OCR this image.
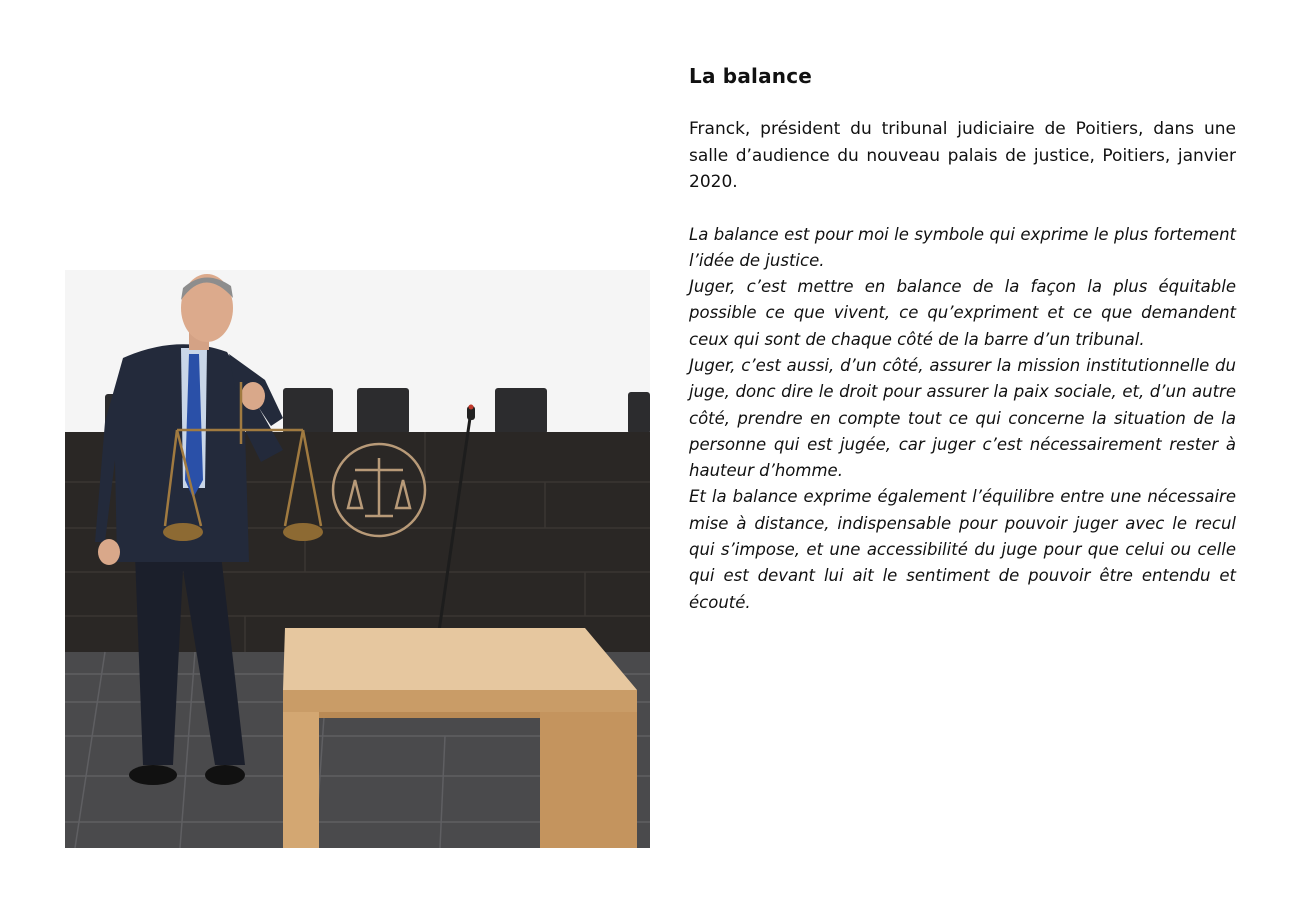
La balance

Franck, président du tribunal judiciaire de Poitiers, dans une salle d’audience du nouveau palais de justice, Poitiers, janvier 2020.

La balance est pour moi le symbole qui exprime le plus fortement l’idée de justice.

Juger, c’est mettre en balance de la façon la plus équitable possible ce que vivent, ce qu’expriment et ce que demandent ceux qui sont de chaque côté de la barre d’un tribunal.

Juger, c’est aussi, d’un côté, assurer la mission institutionnelle du juge, donc dire le droit pour assurer la paix sociale, et, d’un autre côté, prendre en compte tout ce qui concerne la situation de la personne qui est jugée, car juger c’est nécessairement rester à hauteur d’homme.

Et la balance exprime également l’équilibre entre une nécessaire mise à distance, indispensable pour pouvoir juger avec le recul qui s’impose, et une accessibilité du juge pour que celui ou celle qui est devant lui ait le sentiment de pouvoir être entendu et écouté.
